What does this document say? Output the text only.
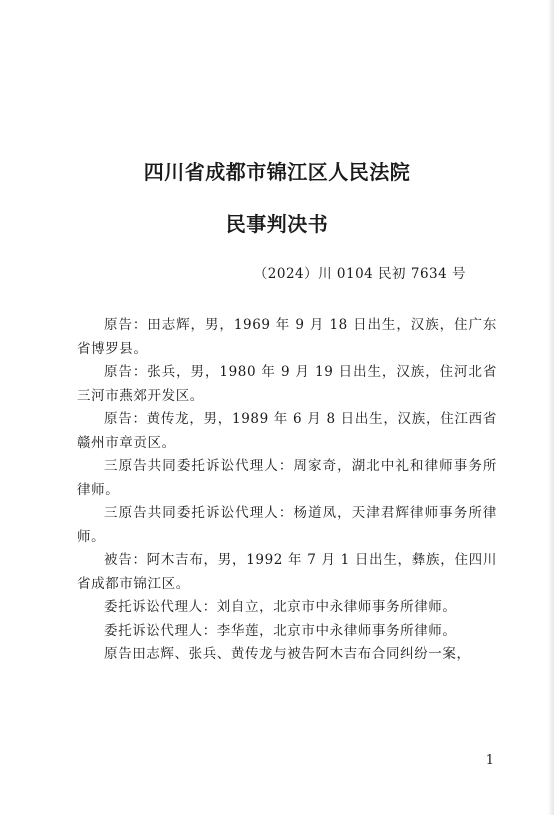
四川省成都市锦江区人民法院
民事判决书

（2024）川 0104 民初 7634 号

原告：田志辉，男，1969 年 9 月 18 日出生，汉族，住广东省博罗县。

原告：张兵，男，1980 年 9 月 19 日出生，汉族，住河北省三河市燕郊开发区。

原告：黄传龙，男，1989 年 6 月 8 日出生，汉族，住江西省赣州市章贡区。

三原告共同委托诉讼代理人：周家奇，湖北中礼和律师事务所律师。

三原告共同委托诉讼代理人：杨道凤，天津君辉律师事务所律师。

被告：阿木吉布，男，1992 年 7 月 1 日出生，彝族，住四川省成都市锦江区。

委托诉讼代理人：刘自立，北京市中永律师事务所律师。

委托诉讼代理人：李华莲，北京市中永律师事务所律师。

原告田志辉、张兵、黄传龙与被告阿木吉布合同纠纷一案，

1
